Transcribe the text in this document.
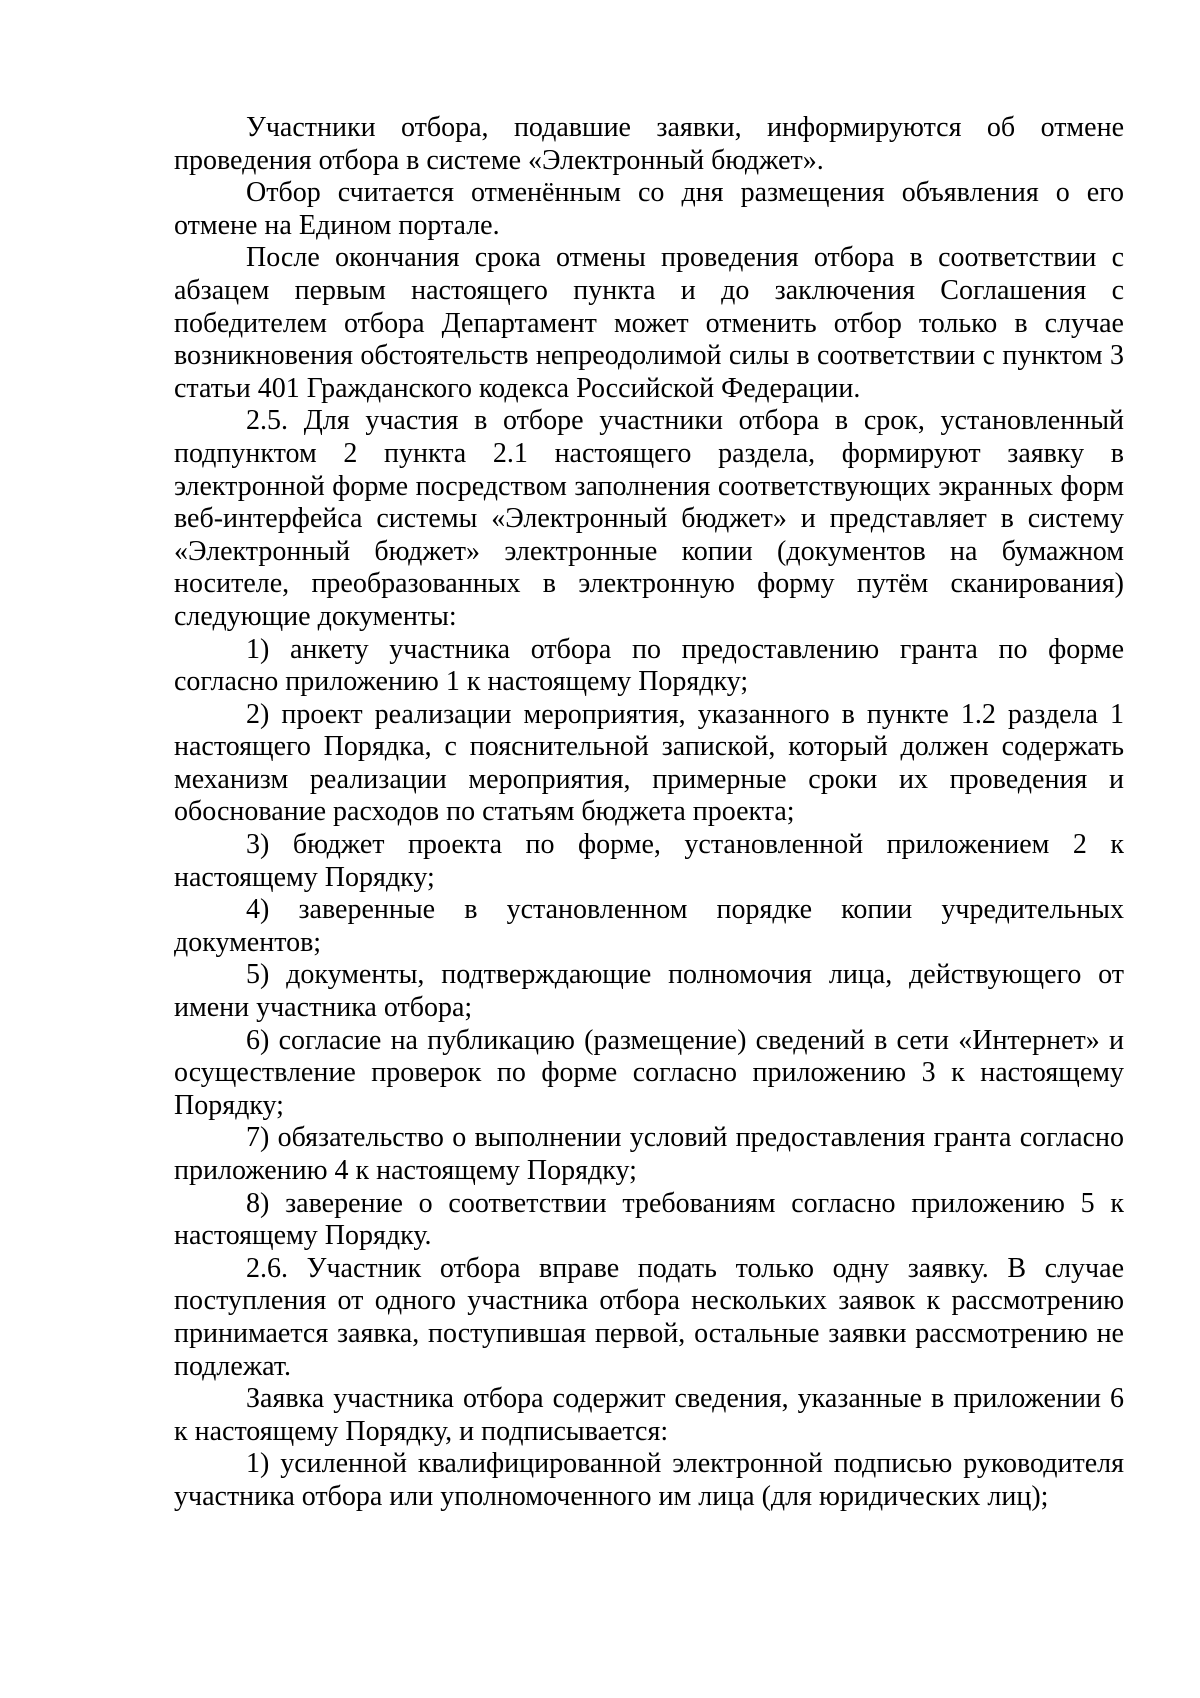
Участники отбора, подавшие заявки, информируются об отмене проведения отбора в системе «Электронный бюджет».

Отбор считается отменённым со дня размещения объявления о его отмене на Едином портале.

После окончания срока отмены проведения отбора в соответствии с абзацем первым настоящего пункта и до заключения Соглашения с победителем отбора Департамент может отменить отбор только в случае возникновения обстоятельств непреодолимой силы в соответствии с пунктом 3 статьи 401 Гражданского кодекса Российской Федерации.

2.5. Для участия в отборе участники отбора в срок, установленный подпунктом 2 пункта 2.1 настоящего раздела, формируют заявку в электронной форме посредством заполнения соответствующих экранных форм веб-интерфейса системы «Электронный бюджет» и представляет в систему «Электронный бюджет» электронные копии (документов на бумажном носителе, преобразованных в электронную форму путём сканирования) следующие документы:

1) анкету участника отбора по предоставлению гранта по форме согласно приложению 1 к настоящему Порядку;

2) проект реализации мероприятия, указанного в пункте 1.2 раздела 1 настоящего Порядка, с пояснительной запиской, который должен содержать механизм реализации мероприятия, примерные сроки их проведения и обоснование расходов по статьям бюджета проекта;

3) бюджет проекта по форме, установленной приложением 2 к настоящему Порядку;

4) заверенные в установленном порядке копии учредительных документов;

5) документы, подтверждающие полномочия лица, действующего от имени участника отбора;

6) согласие на публикацию (размещение) сведений в сети «Интернет» и осуществление проверок по форме согласно приложению 3 к настоящему Порядку;

7) обязательство о выполнении условий предоставления гранта согласно приложению 4 к настоящему Порядку;

8) заверение о соответствии требованиям согласно приложению 5 к настоящему Порядку.

2.6. Участник отбора вправе подать только одну заявку. В случае поступления от одного участника отбора нескольких заявок к рассмотрению принимается заявка, поступившая первой, остальные заявки рассмотрению не подлежат.

Заявка участника отбора содержит сведения, указанные в приложении 6 к настоящему Порядку, и подписывается:

1) усиленной квалифицированной электронной подписью руководителя участника отбора или уполномоченного им лица (для юридических лиц);
